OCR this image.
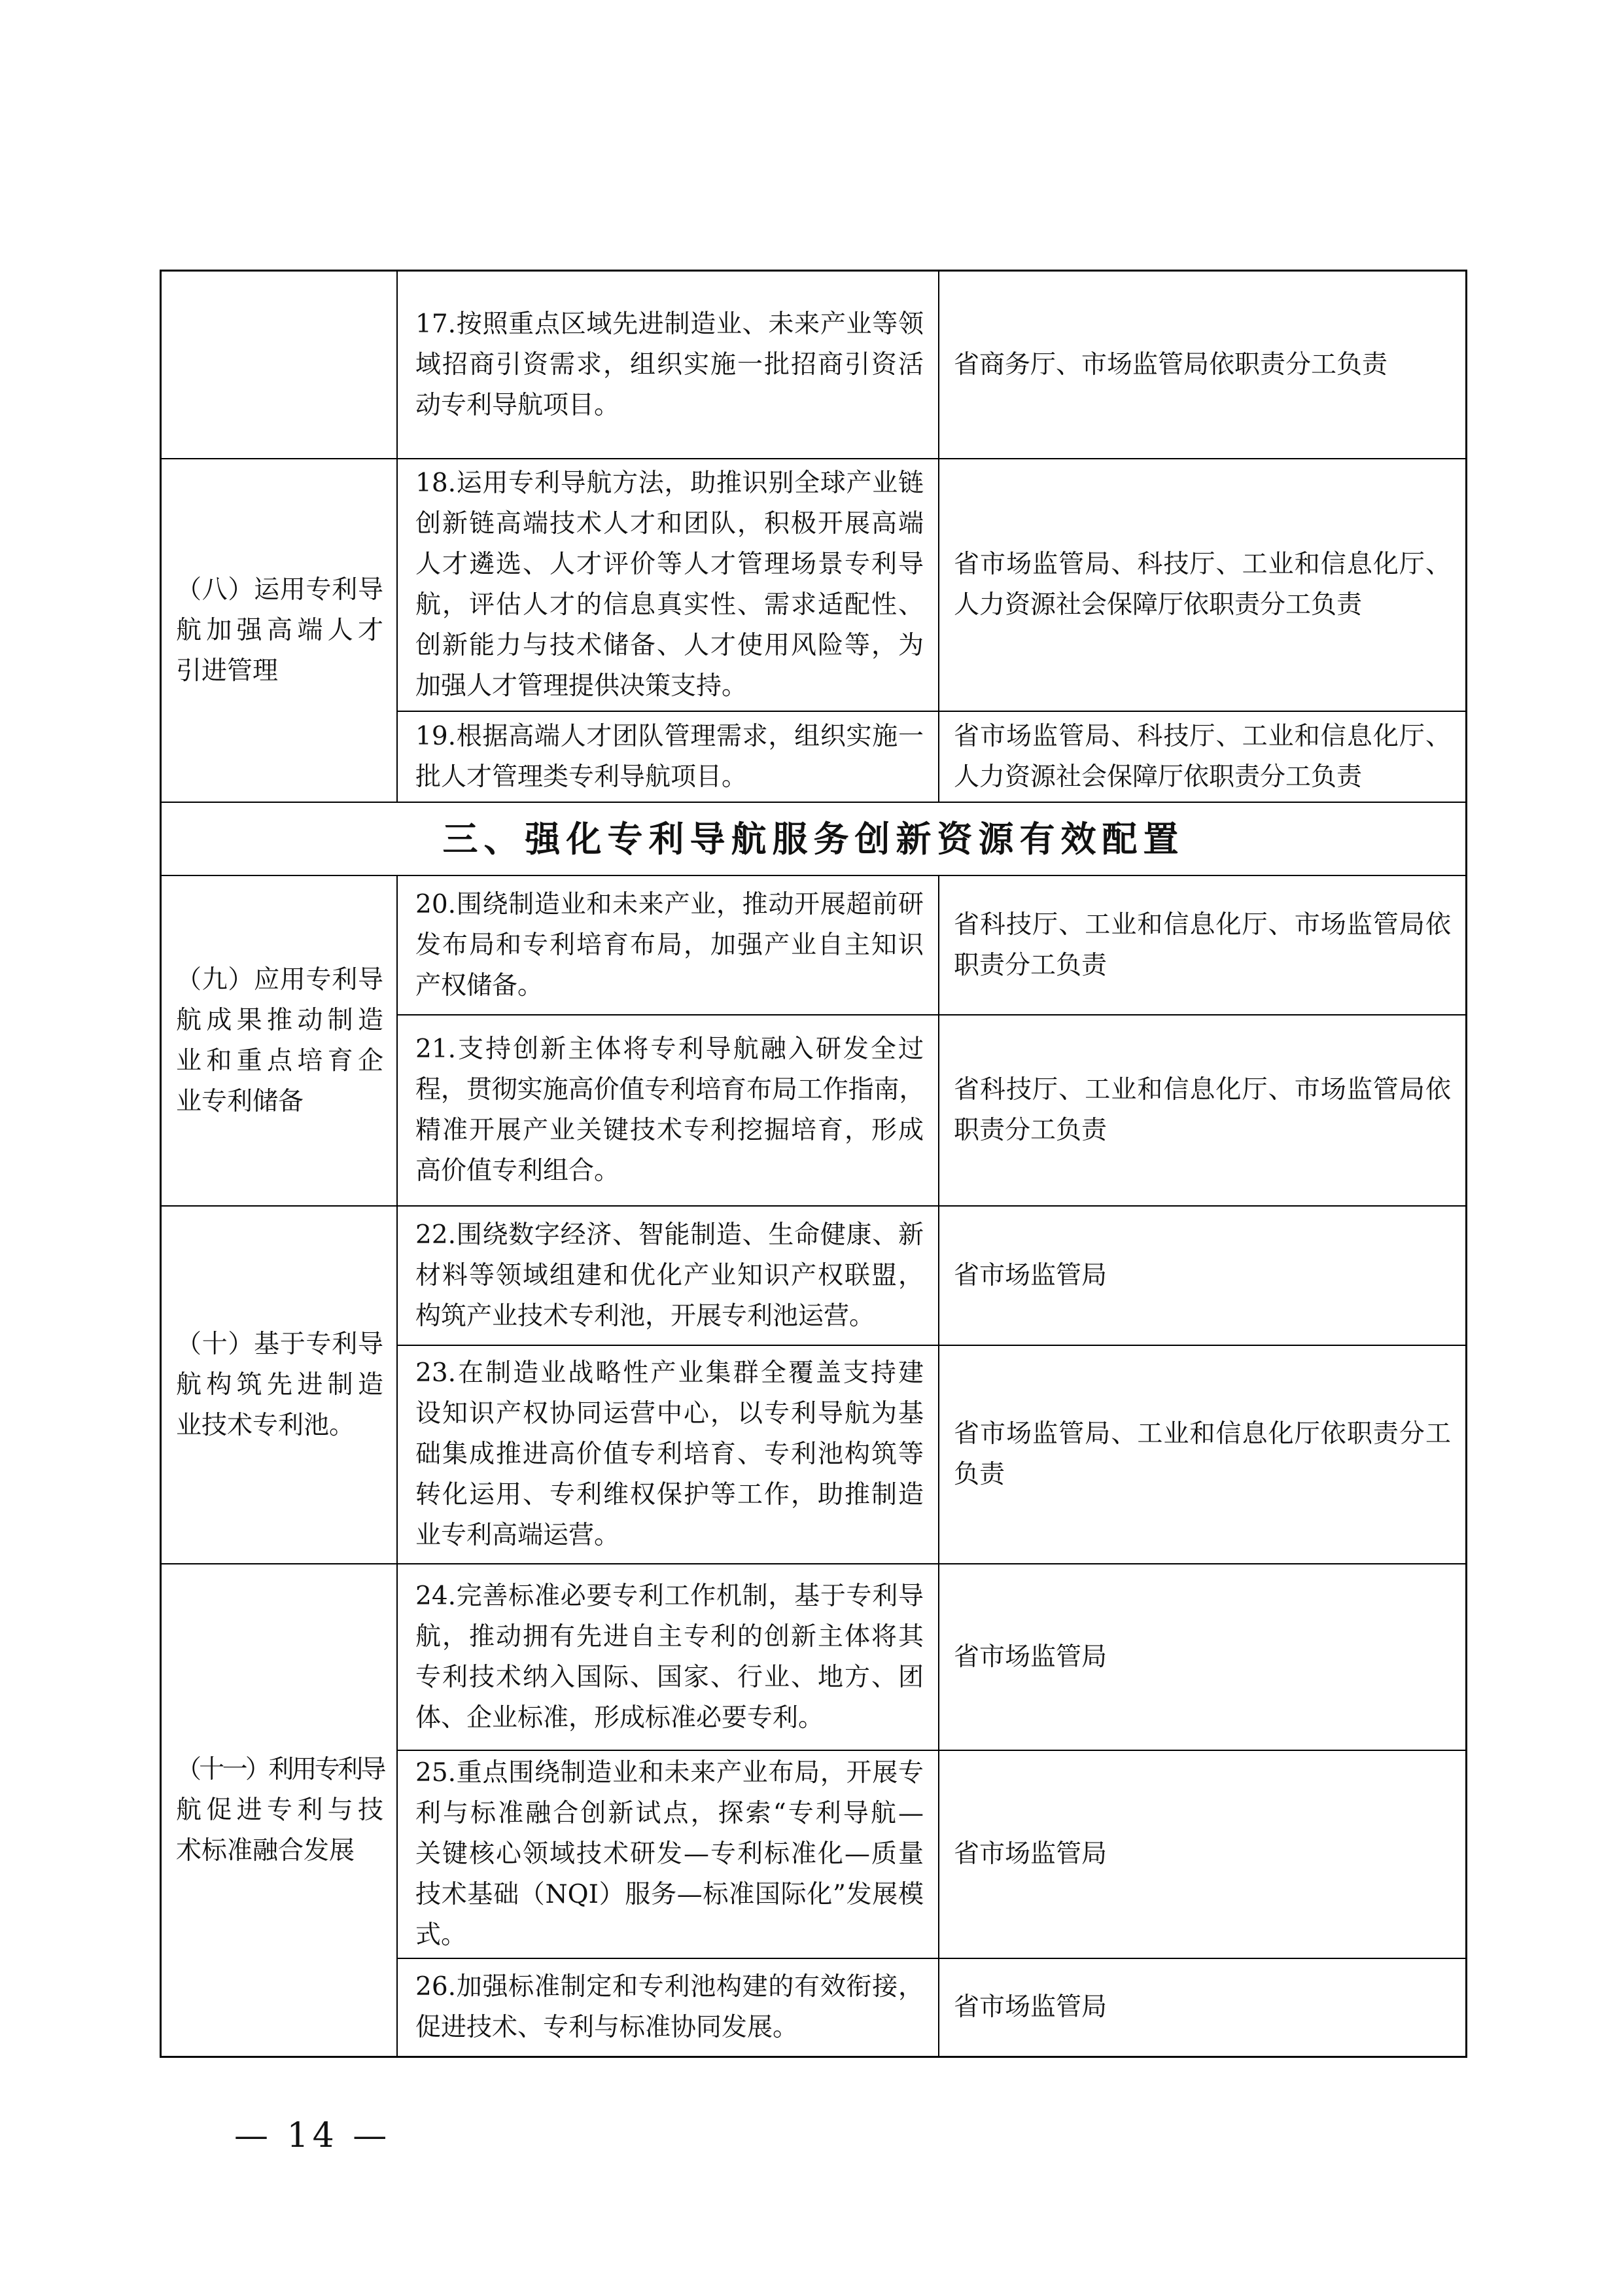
17.按照重点区域先进制造业、未来产业等领
域招商引资需求，组织实施一批招商引资活
动专利导航项目。
省商务厅、市场监管局依职责分工负责
（八）运用专利导
航加强高端人才
引进管理
18.运用专利导航方法，助推识别全球产业链
创新链高端技术人才和团队，积极开展高端
人才遴选、人才评价等人才管理场景专利导
航，评估人才的信息真实性、需求适配性、
创新能力与技术储备、人才使用风险等，为
加强人才管理提供决策支持。
省市场监管局、科技厅、工业和信息化厅、
人力资源社会保障厅依职责分工负责
19.根据高端人才团队管理需求，组织实施一
批人才管理类专利导航项目。
省市场监管局、科技厅、工业和信息化厅、
人力资源社会保障厅依职责分工负责
三、强化专利导航服务创新资源有效配置
（九）应用专利导
航成果推动制造
业和重点培育企
业专利储备
20.围绕制造业和未来产业，推动开展超前研
发布局和专利培育布局，加强产业自主知识
产权储备。
省科技厅、工业和信息化厅、市场监管局依
职责分工负责
21.支持创新主体将专利导航融入研发全过
程，贯彻实施高价值专利培育布局工作指南，
精准开展产业关键技术专利挖掘培育，形成
高价值专利组合。
省科技厅、工业和信息化厅、市场监管局依
职责分工负责
（十）基于专利导
航构筑先进制造
业技术专利池。
22.围绕数字经济、智能制造、生命健康、新
材料等领域组建和优化产业知识产权联盟，
构筑产业技术专利池，开展专利池运营。
省市场监管局
23.在制造业战略性产业集群全覆盖支持建
设知识产权协同运营中心，以专利导航为基
础集成推进高价值专利培育、专利池构筑等
转化运用、专利维权保护等工作，助推制造
业专利高端运营。
省市场监管局、工业和信息化厅依职责分工
负责
（十一）利用专利导
航促进专利与技
术标准融合发展
24.完善标准必要专利工作机制，基于专利导
航，推动拥有先进自主专利的创新主体将其
专利技术纳入国际、国家、行业、地方、团
体、企业标准，形成标准必要专利。
省市场监管局
25.重点围绕制造业和未来产业布局，开展专
利与标准融合创新试点，探索“专利导航—
关键核心领域技术研发—专利标准化—质量
技术基础（NQI）服务—标准国际化”发展模
式。
省市场监管局
26.加强标准制定和专利池构建的有效衔接，
促进技术、专利与标准协同发展。
省市场监管局
— 14 —
